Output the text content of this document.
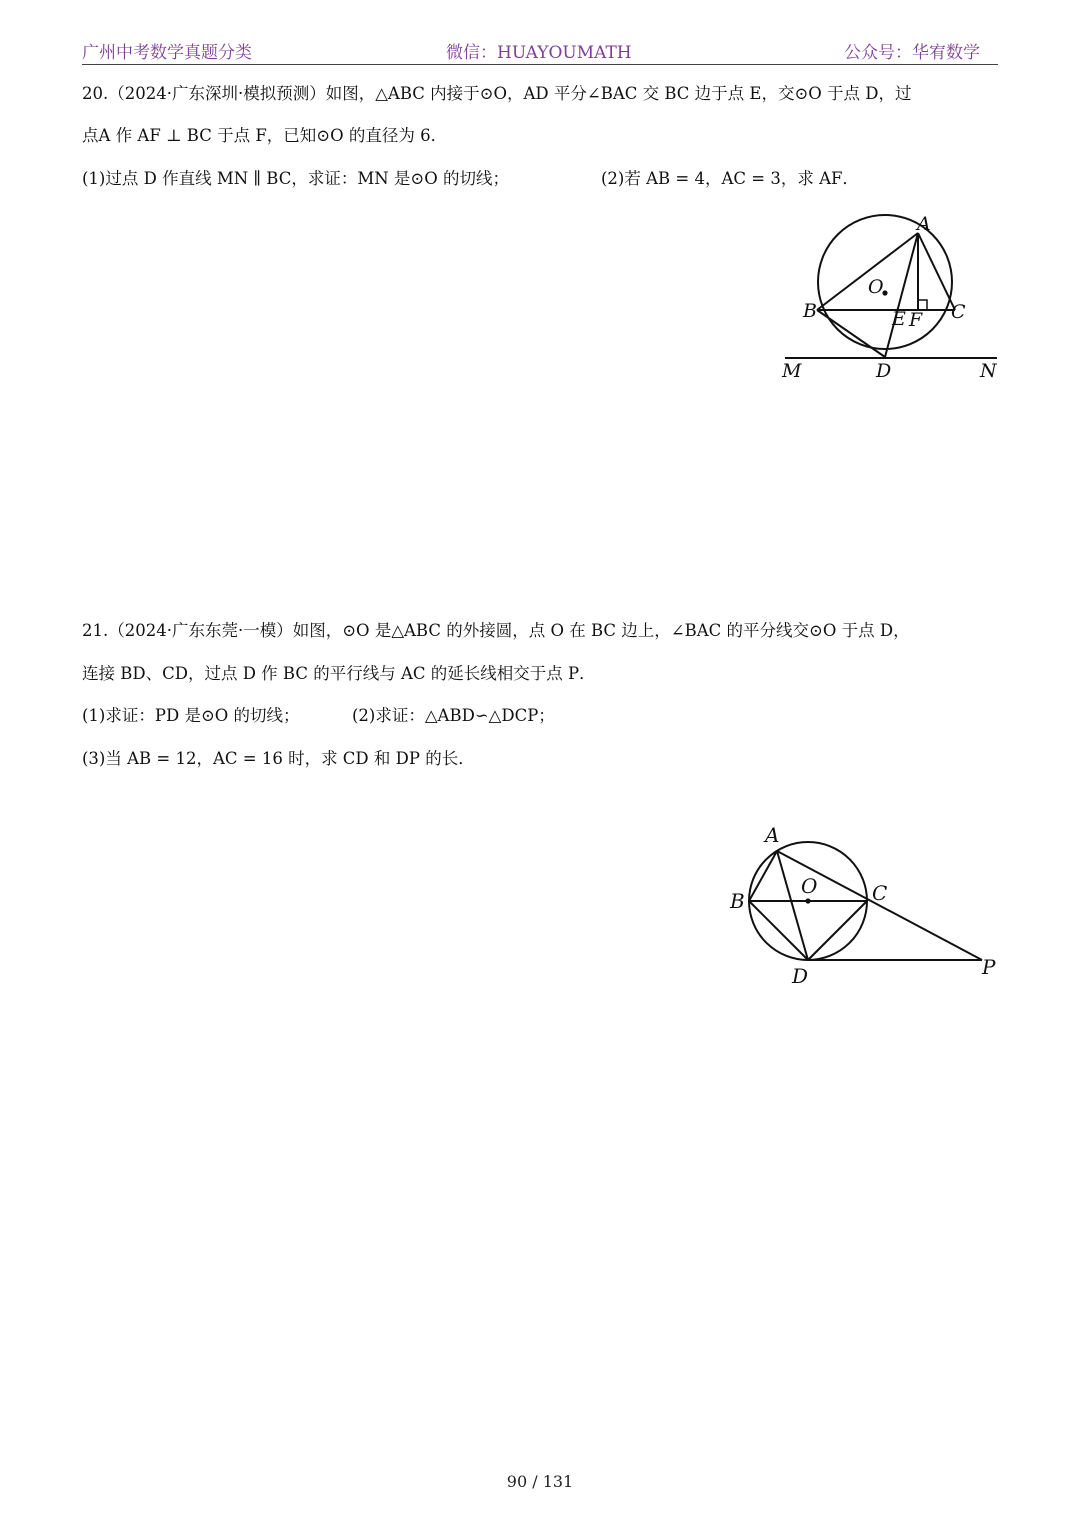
广州中考数学真题分类	微信：HUAYOUMATH	公众号：华宥数学
20.（2024·广东深圳·模拟预测）如图，△ABC 内接于⊙O，AD 平分∠BAC 交 BC 边于点 E，交⊙O 于点 D，过
点A 作 AF ⊥ BC 于点 F，已知⊙O 的直径为 6．
(1)过点 D 作直线 MN ∥ BC，求证：MN 是⊙O 的切线；	(2)若 AB = 4，AC = 3，求 AF．
A
B	C
O
E F
M	D	N
21.（2024·广东东莞·一模）如图，⊙O 是△ABC 的外接圆，点 O 在 BC 边上，∠BAC 的平分线交⊙O 于点 D，
连接 BD、CD，过点 D 作 BC 的平行线与 AC 的延长线相交于点 P．
(1)求证：PD 是⊙O 的切线；	(2)求证：△ABD∽△DCP；
(3)当 AB = 12，AC = 16 时，求 CD 和 DP 的长．
A
B	C
O
D	P
90 / 131
